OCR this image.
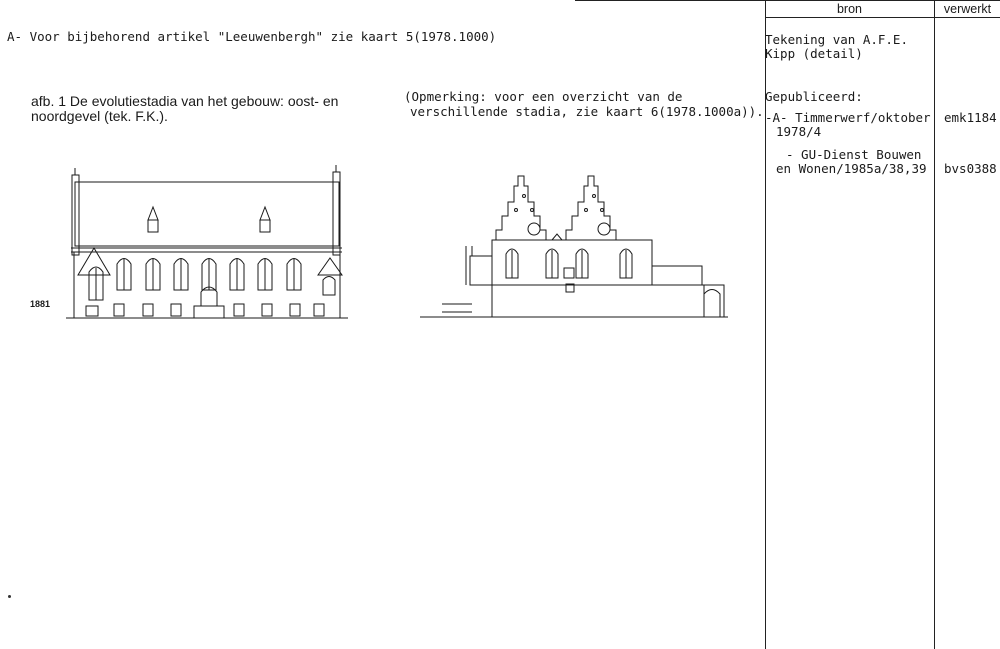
bron	verwerkt
A- Voor bijbehorend artikel "Leeuwenbergh" zie kaart 5(1978.1000)
afb. 1 De evolutiestadia van het gebouw: oost- en
noordgevel (tek. F.K.).
(Opmerking: voor een overzicht van de
verschillende stadia, zie kaart 6(1978.1000a)).
Tekening van A.F.E.
Kipp (detail)
Gepubliceerd:
-A- Timmerwerf/oktober
1978/4
emk1184
- GU-Dienst Bouwen
en Wonen/1985a/38,39 bvs0388
1881
